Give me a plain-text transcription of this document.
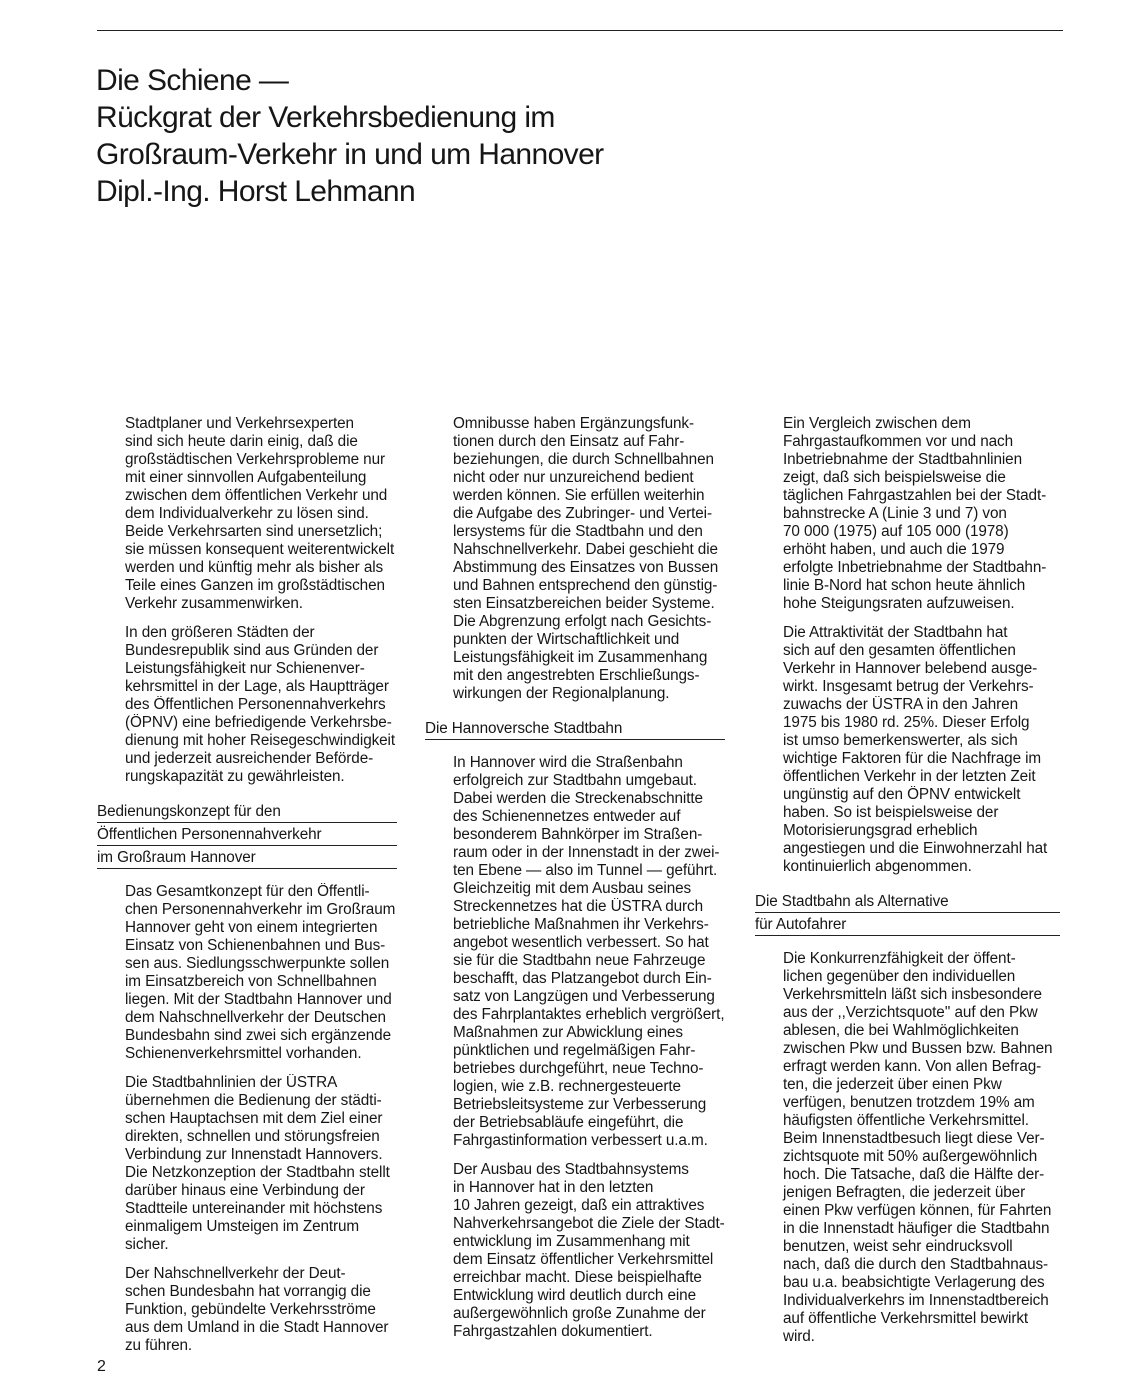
Die Schiene —
Rückgrat der Verkehrsbedienung im
Großraum-Verkehr in und um Hannover
Dipl.-Ing. Horst Lehmann

Stadtplaner und Verkehrsexperten
sind sich heute darin einig, daß die
großstädtischen Verkehrsprobleme nur
mit einer sinnvollen Aufgabenteilung
zwischen dem öffentlichen Verkehr und
dem Individualverkehr zu lösen sind.
Beide Verkehrsarten sind unersetzlich;
sie müssen konsequent weiterentwickelt
werden und künftig mehr als bisher als
Teile eines Ganzen im großstädtischen
Verkehr zusammenwirken.

In den größeren Städten der
Bundesrepublik sind aus Gründen der
Leistungsfähigkeit nur Schienenver-
kehrsmittel in der Lage, als Hauptträger
des Öffentlichen Personennahverkehrs
(ÖPNV) eine befriedigende Verkehrsbe-
dienung mit hoher Reisegeschwindigkeit
und jederzeit ausreichender Beförde-
rungskapazität zu gewährleisten.

Bedienungskonzept für den
Öffentlichen Personennahverkehr
im Großraum Hannover

Das Gesamtkonzept für den Öffentli-
chen Personennahverkehr im Großraum
Hannover geht von einem integrierten
Einsatz von Schienenbahnen und Bus-
sen aus. Siedlungsschwerpunkte sollen
im Einsatzbereich von Schnellbahnen
liegen. Mit der Stadtbahn Hannover und
dem Nahschnellverkehr der Deutschen
Bundesbahn sind zwei sich ergänzende
Schienenverkehrsmittel vorhanden.

Die Stadtbahnlinien der ÜSTRA
übernehmen die Bedienung der städti-
schen Hauptachsen mit dem Ziel einer
direkten, schnellen und störungsfreien
Verbindung zur Innenstadt Hannovers.
Die Netzkonzeption der Stadtbahn stellt
darüber hinaus eine Verbindung der
Stadtteile untereinander mit höchstens
einmaligem Umsteigen im Zentrum
sicher.

Der Nahschnellverkehr der Deut-
schen Bundesbahn hat vorrangig die
Funktion, gebündelte Verkehrsströme
aus dem Umland in die Stadt Hannover
zu führen.

Omnibusse haben Ergänzungsfunk-
tionen durch den Einsatz auf Fahr-
beziehungen, die durch Schnellbahnen
nicht oder nur unzureichend bedient
werden können. Sie erfüllen weiterhin
die Aufgabe des Zubringer- und Vertei-
lersystems für die Stadtbahn und den
Nahschnellverkehr. Dabei geschieht die
Abstimmung des Einsatzes von Bussen
und Bahnen entsprechend den günstig-
sten Einsatzbereichen beider Systeme.
Die Abgrenzung erfolgt nach Gesichts-
punkten der Wirtschaftlichkeit und
Leistungsfähigkeit im Zusammenhang
mit den angestrebten Erschließungs-
wirkungen der Regionalplanung.

Die Hannoversche Stadtbahn

In Hannover wird die Straßenbahn
erfolgreich zur Stadtbahn umgebaut.
Dabei werden die Streckenabschnitte
des Schienennetzes entweder auf
besonderem Bahnkörper im Straßen-
raum oder in der Innenstadt in der zwei-
ten Ebene — also im Tunnel — geführt.
Gleichzeitig mit dem Ausbau seines
Streckennetzes hat die ÜSTRA durch
betriebliche Maßnahmen ihr Verkehrs-
angebot wesentlich verbessert. So hat
sie für die Stadtbahn neue Fahrzeuge
beschafft, das Platzangebot durch Ein-
satz von Langzügen und Verbesserung
des Fahrplantaktes erheblich vergrößert,
Maßnahmen zur Abwicklung eines
pünktlichen und regelmäßigen Fahr-
betriebes durchgeführt, neue Techno-
logien, wie z.B. rechnergesteuerte
Betriebsleitsysteme zur Verbesserung
der Betriebsabläufe eingeführt, die
Fahrgastinformation verbessert u.a.m.

Der Ausbau des Stadtbahnsystems
in Hannover hat in den letzten
10 Jahren gezeigt, daß ein attraktives
Nahverkehrsangebot die Ziele der Stadt-
entwicklung im Zusammenhang mit
dem Einsatz öffentlicher Verkehrsmittel
erreichbar macht. Diese beispielhafte
Entwicklung wird deutlich durch eine
außergewöhnlich große Zunahme der
Fahrgastzahlen dokumentiert.

Ein Vergleich zwischen dem
Fahrgastaufkommen vor und nach
Inbetriebnahme der Stadtbahnlinien
zeigt, daß sich beispielsweise die
täglichen Fahrgastzahlen bei der Stadt-
bahnstrecke A (Linie 3 und 7) von
70 000 (1975) auf 105 000 (1978)
erhöht haben, und auch die 1979
erfolgte Inbetriebnahme der Stadtbahn-
linie B-Nord hat schon heute ähnlich
hohe Steigungsraten aufzuweisen.

Die Attraktivität der Stadtbahn hat
sich auf den gesamten öffentlichen
Verkehr in Hannover belebend ausge-
wirkt. Insgesamt betrug der Verkehrs-
zuwachs der ÜSTRA in den Jahren
1975 bis 1980 rd. 25%. Dieser Erfolg
ist umso bemerkenswerter, als sich
wichtige Faktoren für die Nachfrage im
öffentlichen Verkehr in der letzten Zeit
ungünstig auf den ÖPNV entwickelt
haben. So ist beispielsweise der
Motorisierungsgrad erheblich
angestiegen und die Einwohnerzahl hat
kontinuierlich abgenommen.

Die Stadtbahn als Alternative
für Autofahrer

Die Konkurrenzfähigkeit der öffent-
lichen gegenüber den individuellen
Verkehrsmitteln läßt sich insbesondere
aus der ,,Verzichtsquote'' auf den Pkw
ablesen, die bei Wahlmöglichkeiten
zwischen Pkw und Bussen bzw. Bahnen
erfragt werden kann. Von allen Befrag-
ten, die jederzeit über einen Pkw
verfügen, benutzen trotzdem 19% am
häufigsten öffentliche Verkehrsmittel.
Beim Innenstadtbesuch liegt diese Ver-
zichtsquote mit 50% außergewöhnlich
hoch. Die Tatsache, daß die Hälfte der-
jenigen Befragten, die jederzeit über
einen Pkw verfügen können, für Fahrten
in die Innenstadt häufiger die Stadtbahn
benutzen, weist sehr eindrucksvoll
nach, daß die durch den Stadtbahnaus-
bau u.a. beabsichtigte Verlagerung des
Individualverkehrs im Innenstadtbereich
auf öffentliche Verkehrsmittel bewirkt
wird.

2
